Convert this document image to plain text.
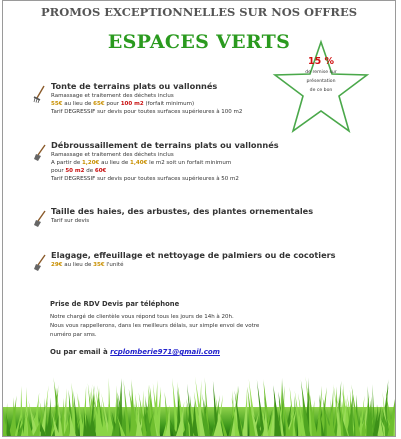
PROMOS EXCEPTIONNELLES SUR NOS OFFRES
ESPACES VERTS
15 %
de remise sur
présentation
de ce bon
Tonte de terrains plats ou vallonnés
Ramassage et traitement des déchets inclus
55€ au lieu de 65€ pour 100 m2 (forfait minimum)
Tarif DEGRESSIF sur devis pour toutes surfaces supérieures à 100 m2
Débroussaillement de terrains plats ou vallonnés
Ramassage et traitement des déchets inclus
A partir de 1,20€ au lieu de 1,40€ le m2 soit un forfait minimum
pour 50 m2 de 60€
Tarif DEGRESSIF sur devis pour toutes surfaces supérieures à 50 m2
Taille des haies, des arbustes, des plantes ornementales
Tarif sur devis
Elagage, effeuillage et nettoyage de palmiers ou de cocotiers
29€ au lieu de 35€ l'unité
Prise de RDV Devis par téléphone
Notre chargé de clientèle vous répond tous les jours de 14h à 20h.
Nous vous rappellerons, dans les meilleurs délais, sur simple envoi de votre
numéro par sms.
Ou par email à rcplomberie971@gmail.com
